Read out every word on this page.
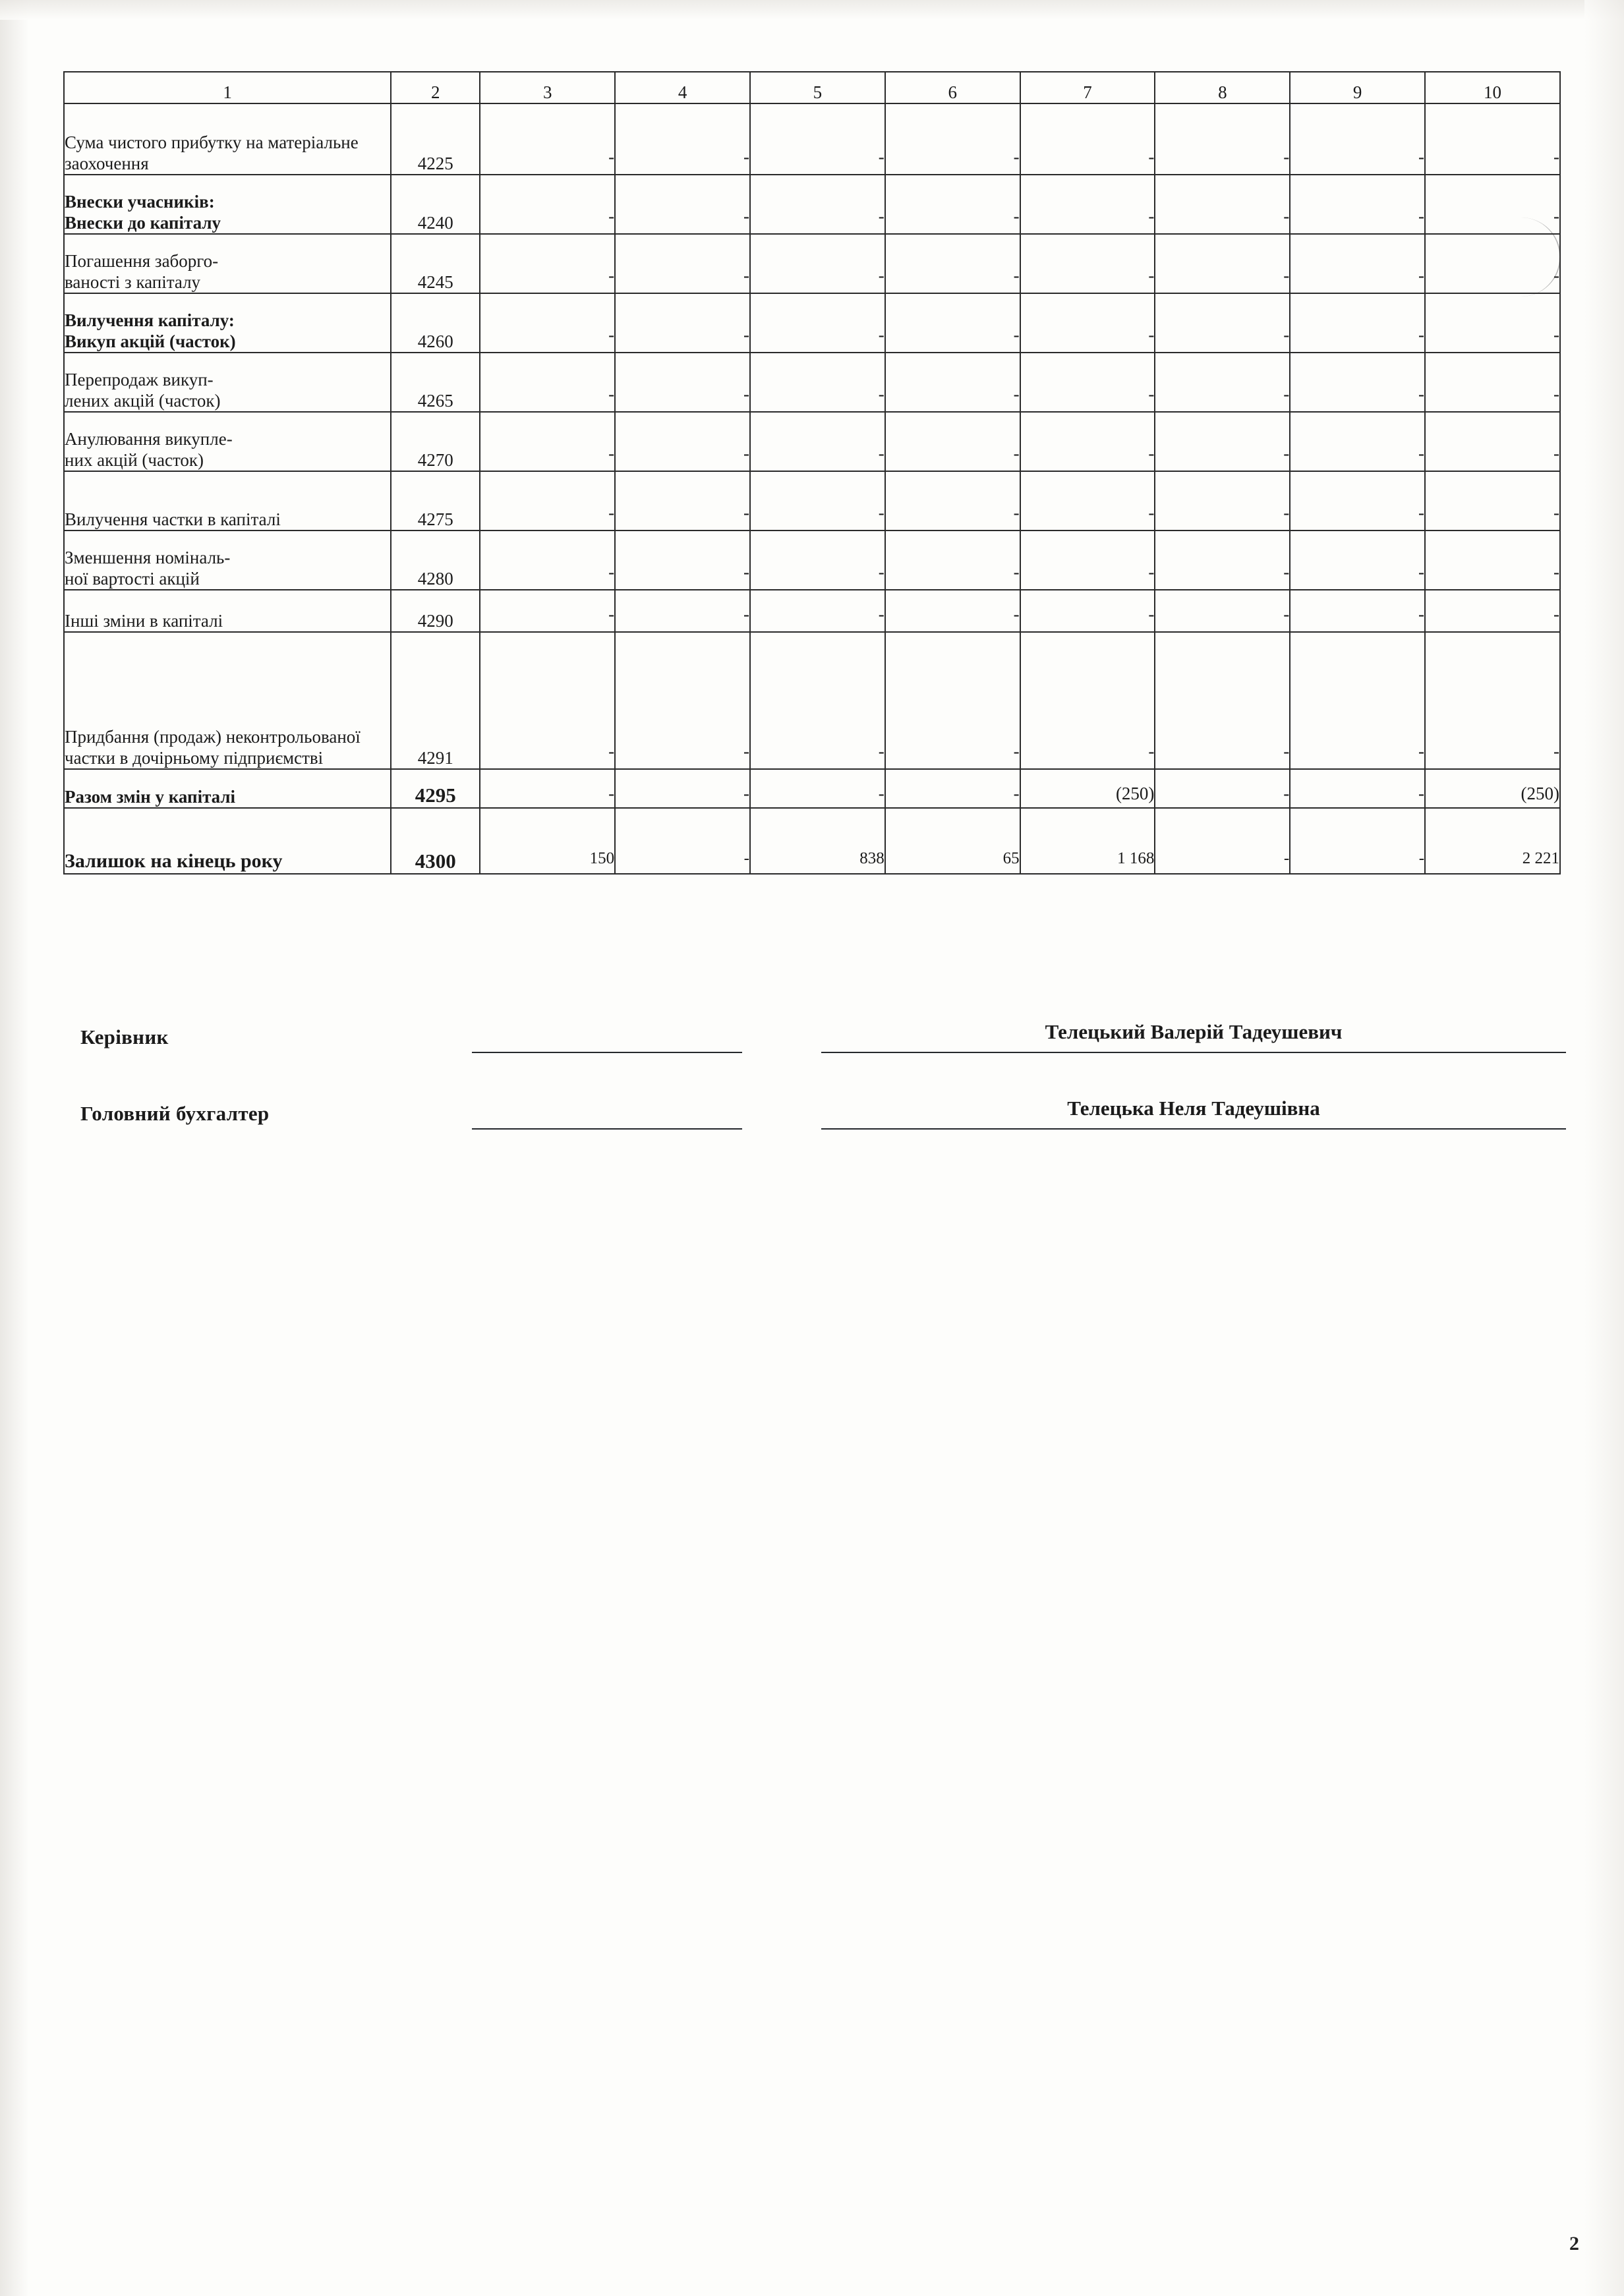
1	2	3	4	5	6	7	8	9	10
Сума чистого прибутку на матеріальне заохочення	4225	-	-	-	-	-	-	-	-
Внески учасників:
Внески до капіталу	4240	-	-	-	-	-	-	-	-
Погашення заборго-
ваності з капіталу	4245	-	-	-	-	-	-	-	-
Вилучення капіталу:
Викуп акцій (часток)	4260	-	-	-	-	-	-	-	-
Перепродаж викуп-
лених акцій (часток)	4265	-	-	-	-	-	-	-	-
Анулювання викупле-
них акцій (часток)	4270	-	-	-	-	-	-	-	-
Вилучення частки в капіталі	4275	-	-	-	-	-	-	-	-
Зменшення номіналь-
ної вартості акцій	4280	-	-	-	-	-	-	-	-
Інші зміни в капіталі	4290	-	-	-	-	-	-	-	-
Придбання (продаж) неконтрольованої частки в дочірньому підприємстві	4291	-	-	-	-	-	-	-	-
Разом змін у капіталі	4295	-	-	-	-	(250)	-	-	(250)
Залишок на кінець року	4300	150	-	838	65	1 168	-	-	2 221
Керівник	Телецький Валерій Тадеушевич
Головний бухгалтер	Телецька Неля Тадеушівна
2
